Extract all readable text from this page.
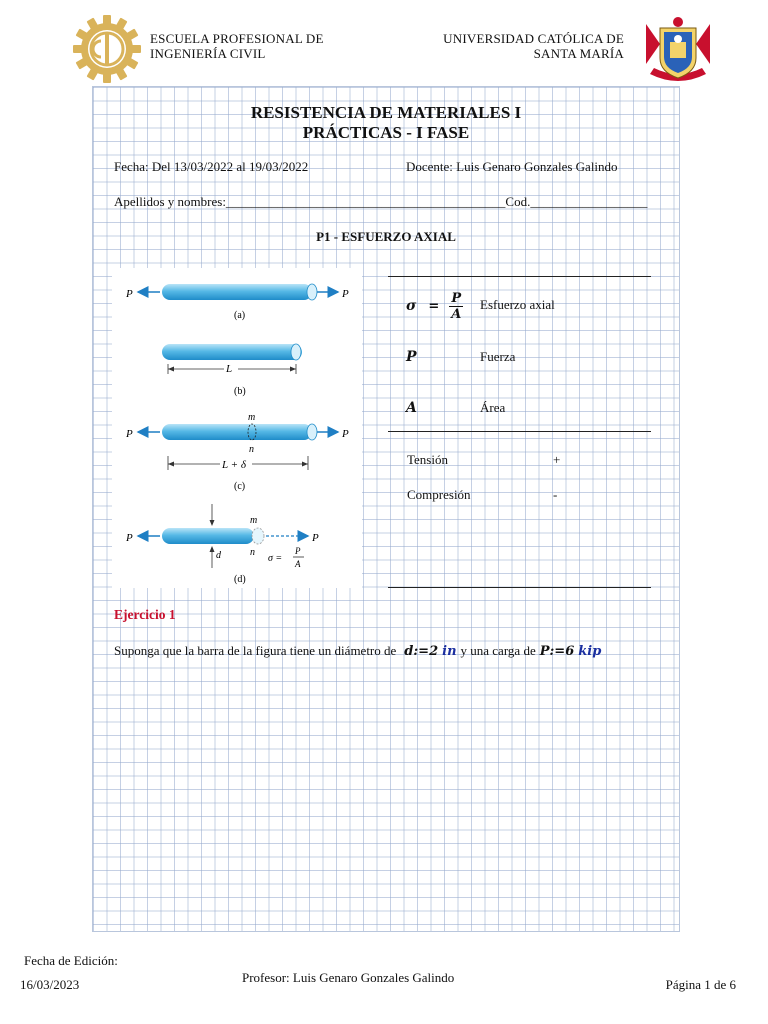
ESCUELA PROFESIONAL DE
INGENIERÍA CIVIL
UNIVERSIDAD CATÓLICA DE
SANTA MARÍA
RESISTENCIA DE MATERIALES I
PRÁCTICAS - I FASE
Fecha: Del 13/03/2022 al 19/03/2022	Docente: Luis Genaro Gonzales Galindo
Apellidos y nombres:___________________________________________Cod.__________________
P1 - ESFUERZO AXIAL
P	P
(a)
L
(b)
m
n
P	P
L + δ
(c)
d
m
n
P	P
σ =
P
A
(d)
$\sigma = \frac{P}{A}$ Esfuerzo axial
P	Fuerza
A	Área
Tensión	+
Compresión	-
Ejercicio 1
Suponga que la barra de la figura tiene un diámetro de d := 2 in y una carga de P := 6 kip
Fecha de Edición:
16/03/2023	Profesor: Luis Genaro Gonzales Galindo	Página 1 de 6
